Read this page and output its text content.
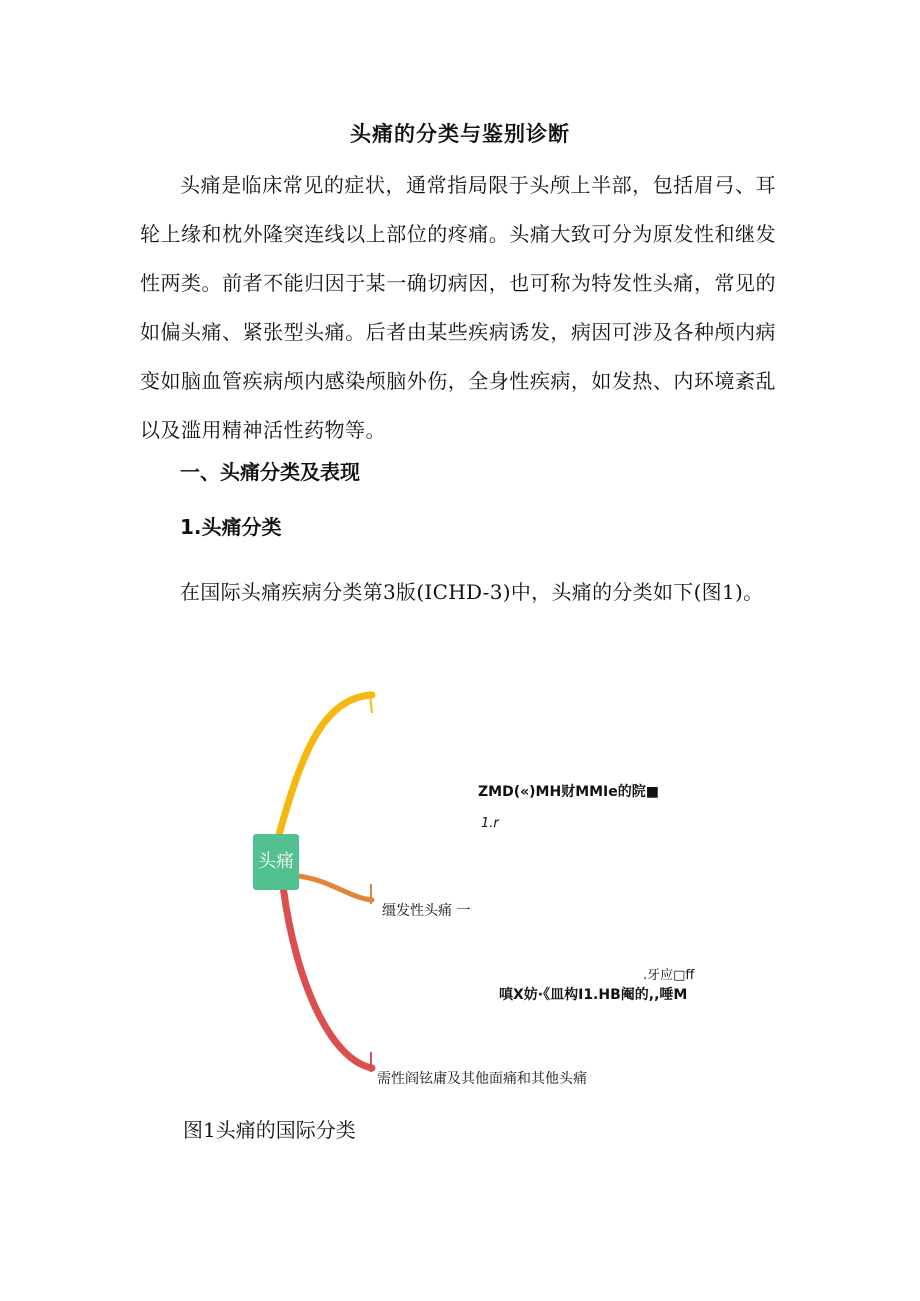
头痛的分类与鉴别诊断

头痛是临床常见的症状，通常指局限于头颅上半部，包括眉弓、耳轮上缘和枕外隆突连线以上部位的疼痛。头痛大致可分为原发性和继发性两类。前者不能归因于某一确切病因，也可称为特发性头痛，常见的如偏头痛、紧张型头痛。后者由某些疾病诱发，病因可涉及各种颅内病变如脑血管疾病颅内感染颅脑外伤，全身性疾病，如发热、内环境紊乱以及滥用精神活性药物等。

一、头痛分类及表现
1.头痛分类
在国际头痛疾病分类第3版(ICHD-3)中，头痛的分类如下(图1)。
头痛
ZMD(«)MH财MMIe的院■
1.r
缰发性头痛 一
.牙应□ff
嗔X妨·《皿构I1.HB阉的,,唾M
需性阎铉庸及其他面痛和其他头痛
图1头痛的国际分类
